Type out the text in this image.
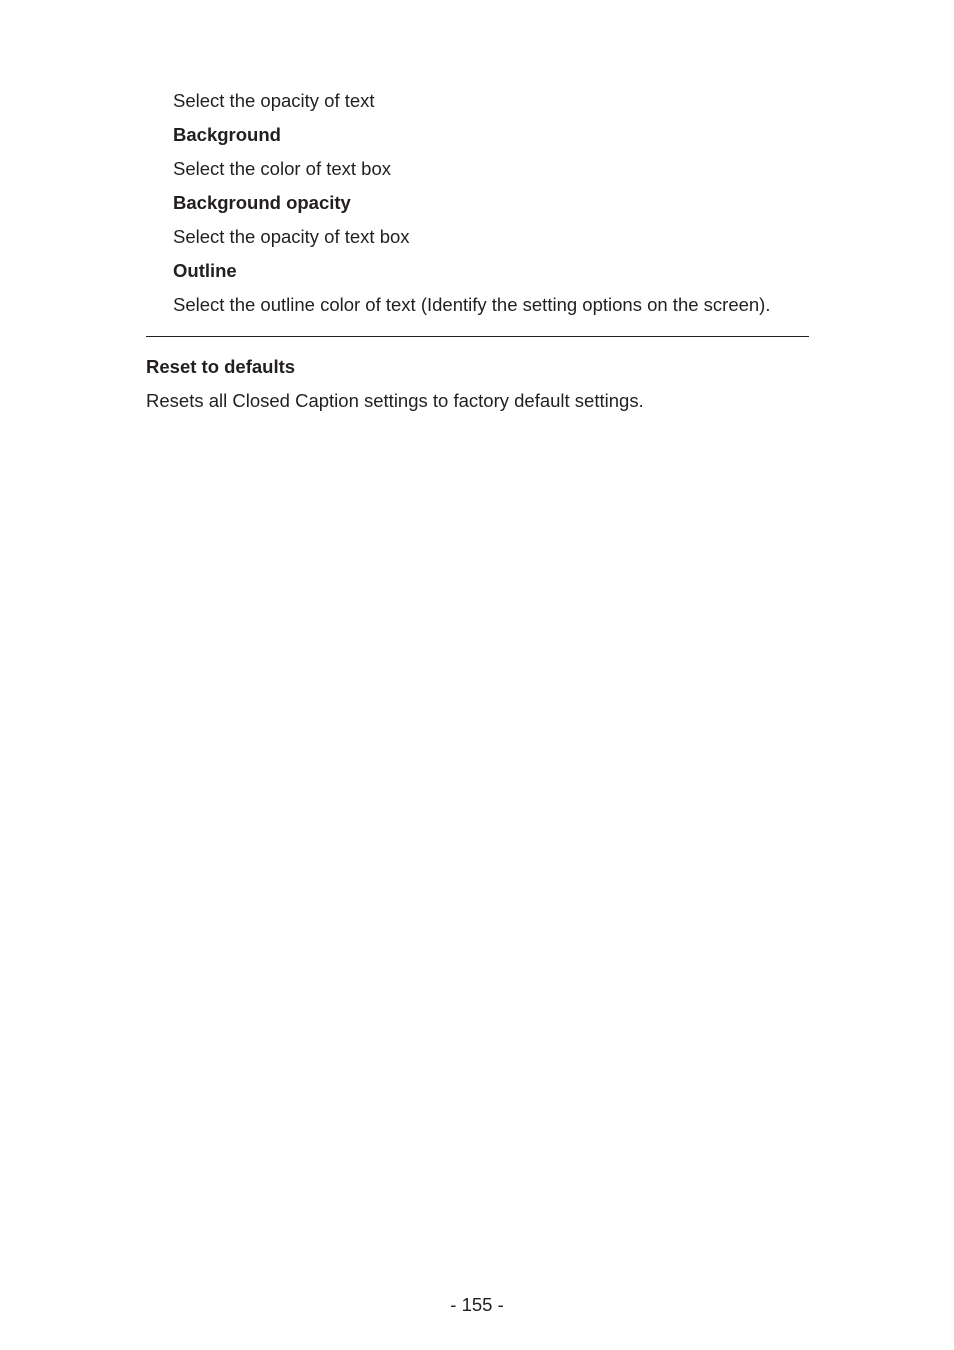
Select the opacity of text
Background
Select the color of text box
Background opacity
Select the opacity of text box
Outline
Select the outline color of text (Identify the setting options on the screen).
Reset to defaults
Resets all Closed Caption settings to factory default settings.
- 155 -
